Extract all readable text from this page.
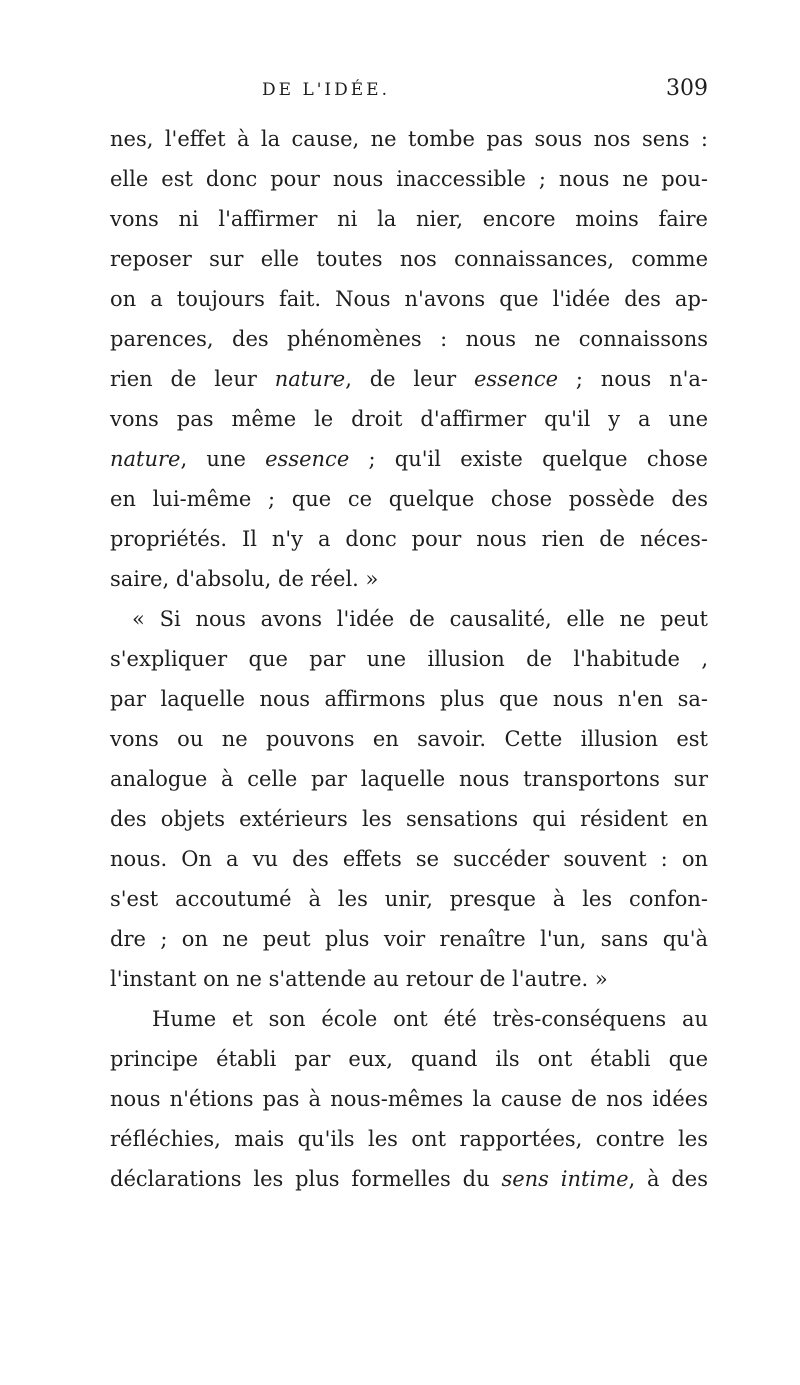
DE L'IDÉE.	309
nes, l'effet à la cause, ne tombe pas sous nos sens :
elle est donc pour nous inaccessible ; nous ne pou-
vons ni l'affirmer ni la nier, encore moins faire
reposer sur elle toutes nos connaissances, comme
on a toujours fait. Nous n'avons que l'idée des ap-
parences, des phénomènes : nous ne connaissons
rien de leur nature, de leur essence ; nous n'a-
vons pas même le droit d'affirmer qu'il y a une
nature, une essence ; qu'il existe quelque chose
en lui-même ; que ce quelque chose possède des
propriétés. Il n'y a donc pour nous rien de néces-
saire, d'absolu, de réel. »
« Si nous avons l'idée de causalité, elle ne peut
s'expliquer que par une illusion de l'habitude ,
par laquelle nous affirmons plus que nous n'en sa-
vons ou ne pouvons en savoir. Cette illusion est
analogue à celle par laquelle nous transportons sur
des objets extérieurs les sensations qui résident en
nous. On a vu des effets se succéder souvent : on
s'est accoutumé à les unir, presque à les confon-
dre ; on ne peut plus voir renaître l'un, sans qu'à
l'instant on ne s'attende au retour de l'autre. »
Hume et son école ont été très-conséquens au
principe établi par eux, quand ils ont établi que
nous n'étions pas à nous-mêmes la cause de nos idées
réfléchies, mais qu'ils les ont rapportées, contre les
déclarations les plus formelles du sens intime, à des
